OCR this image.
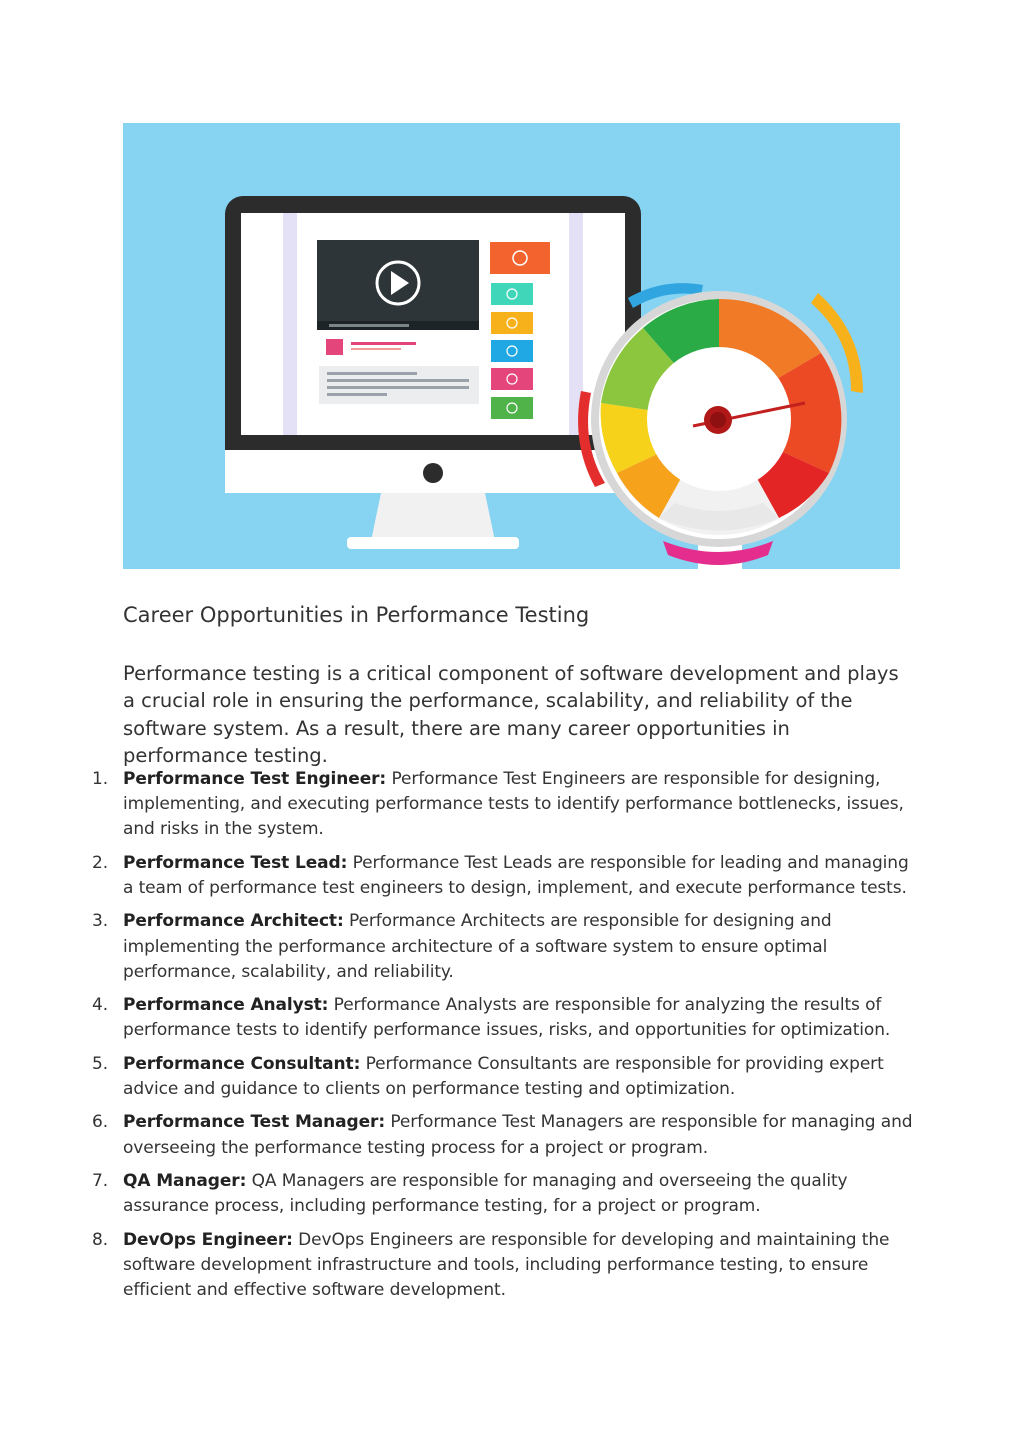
Career Opportunities in Performance Testing

Performance testing is a critical component of software development and plays a crucial role in ensuring the performance, scalability, and reliability of the software system. As a result, there are many career opportunities in performance testing.

1. Performance Test Engineer: Performance Test Engineers are responsible for designing, implementing, and executing performance tests to identify performance bottlenecks, issues, and risks in the system.
2. Performance Test Lead: Performance Test Leads are responsible for leading and managing a team of performance test engineers to design, implement, and execute performance tests.
3. Performance Architect: Performance Architects are responsible for designing and implementing the performance architecture of a software system to ensure optimal performance, scalability, and reliability.
4. Performance Analyst: Performance Analysts are responsible for analyzing the results of performance tests to identify performance issues, risks, and opportunities for optimization.
5. Performance Consultant: Performance Consultants are responsible for providing expert advice and guidance to clients on performance testing and optimization.
6. Performance Test Manager: Performance Test Managers are responsible for managing and overseeing the performance testing process for a project or program.
7. QA Manager: QA Managers are responsible for managing and overseeing the quality assurance process, including performance testing, for a project or program.
8. DevOps Engineer: DevOps Engineers are responsible for developing and maintaining the software development infrastructure and tools, including performance testing, to ensure efficient and effective software development.
